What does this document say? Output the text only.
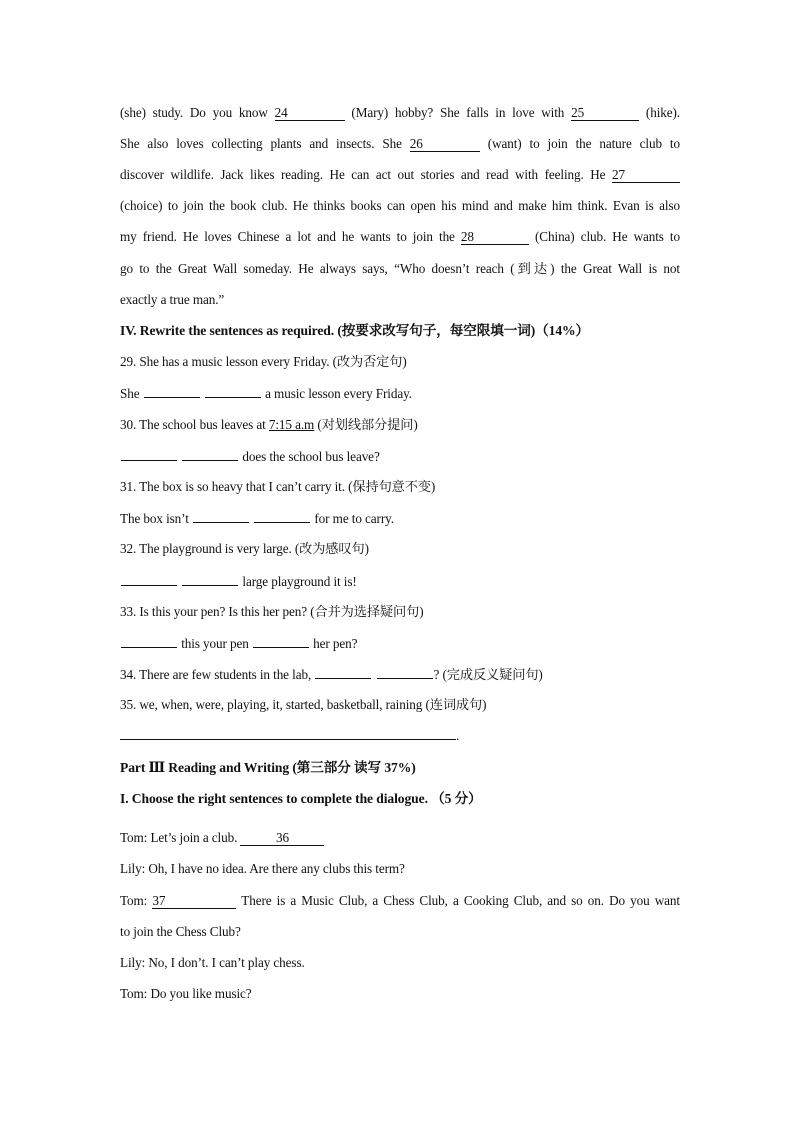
(she) study. Do you know 24	(Mary) hobby? She falls in love with 25	(hike).
She also loves collecting plants and insects. She 26	(want) to join the nature club to
discover wildlife. Jack likes reading. He can act out stories and read with feeling. He 27
(choice) to join the book club. He thinks books can open his mind and make him think. Evan is also
my friend. He loves Chinese a lot and he wants to join the 28	(China) club. He wants to
go to the Great Wall someday. He always says, “Who doesn’t reach (到达) the Great Wall is not
exactly a true man.”
IV. Rewrite the sentences as required. (按要求改写句子，每空限填一词)（14%）
29. She has a music lesson every Friday. (改为否定句)
She	a music lesson every Friday.
30. The school bus leaves at 7:15 a.m (对划线部分提问)
does the school bus leave?
31. The box is so heavy that I can’t carry it. (保持句意不变)
The box isn’t	for me to carry.
32. The playground is very large. (改为感叹句)
large playground it is!
33. Is this your pen? Is this her pen? (合并为选择疑问句)
this your pen	her pen?
34. There are few students in the lab,	? (完成反义疑问句)
35. we, when, were, playing, it, started, basketball, raining (连词成句)
.
Part Ⅲ Reading and Writing (第三部分 读写 37%)
I. Choose the right sentences to complete the dialogue. （5 分）
Tom: Let’s join a club.	36
Lily: Oh, I have no idea. Are there any clubs this term?
Tom: 37	There is a Music Club, a Chess Club, a Cooking Club, and so on. Do you want
to join the Chess Club?
Lily: No, I don’t. I can’t play chess.
Tom: Do you like music?
